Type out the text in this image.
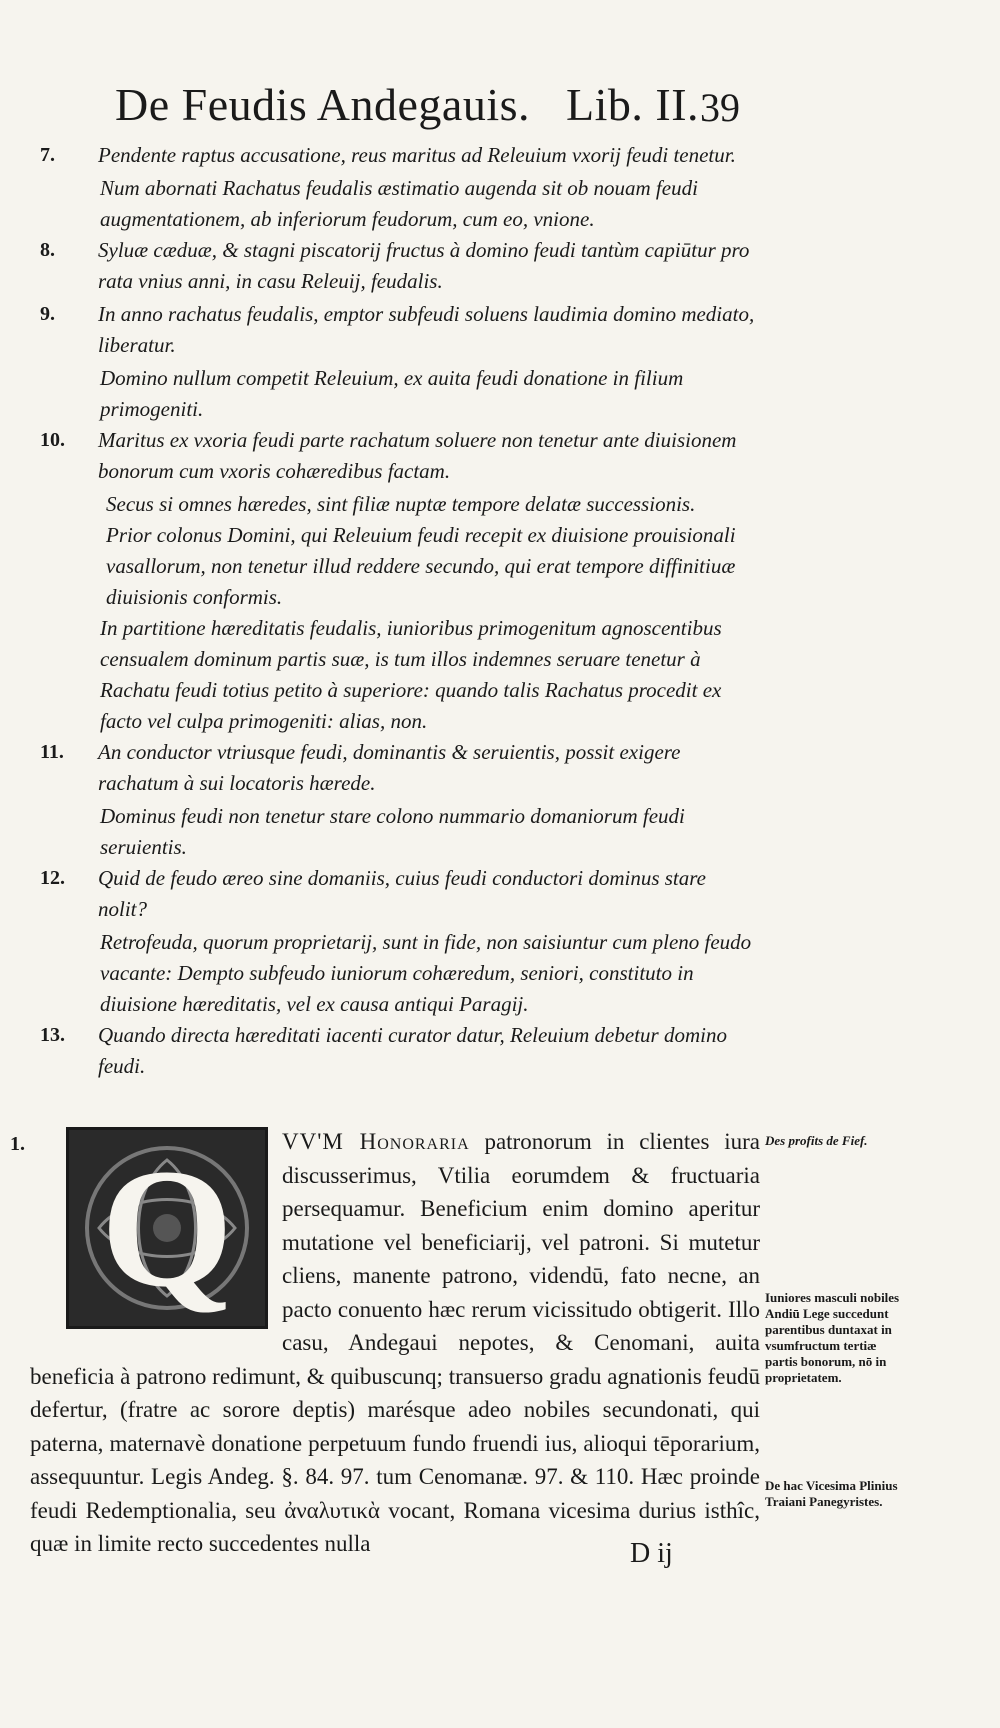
De Feudis Andegauis. Lib. II. 39
7.	Pendente raptus accusatione, reus maritus ad Releuium vxorij feudi tenetur.
Num abornati Rachatus feudalis æstimatio augenda sit ob nouam feudi augmentationem, ab inferiorum feudorum, cum eo, vnione.
8.	Syluæ cæduæ, & stagni piscatorij fructus à domino feudi tantùm capiūtur pro rata vnius anni, in casu Releuij, feudalis.
9.	In anno rachatus feudalis, emptor subfeudi soluens laudimia domino mediato, liberatur.
Domino nullum competit Releuium, ex auita feudi donatione in filium primogeniti.
10.	Maritus ex vxoria feudi parte rachatum soluere non tenetur ante diuisionem bonorum cum vxoris cohæredibus factam.
Secus si omnes hæredes, sint filiæ nuptæ tempore delatæ successionis.
Prior colonus Domini, qui Releuium feudi recepit ex diuisione prouisionali vasallorum, non tenetur illud reddere secundo, qui erat tempore diffinitiuæ diuisionis conformis.
In partitione hæreditatis feudalis, iunioribus primogenitum agnoscentibus censualem dominum partis suæ, is tum illos indemnes seruare tenetur à Rachatu feudi totius petito à superiore: quando talis Rachatus procedit ex facto vel culpa primogeniti: alias, non.
11.	An conductor vtriusque feudi, dominantis & seruientis, possit exigere rachatum à sui locatoris hærede.
Dominus feudi non tenetur stare colono nummario domaniorum feudi seruientis.
12.	Quid de feudo æreo sine domaniis, cuius feudi conductori dominus stare nolit?
Retrofeuda, quorum proprietarij, sunt in fide, non saisiuntur cum pleno feudo vacante: Dempto subfeudo iuniorum cohæredum, seniori, constituto in diuisione hæreditatis, vel ex causa antiqui Paragij.
13.	Quando directa hæreditati iacenti curator datur, Releuium debetur domino feudi.
1. Q	VV'M Honoraria patronorum in clientes iura discusserimus, Vtilia eorumdem & fructuaria persequamur. Beneficium enim domino aperitur mutatione vel beneficiarij, vel patroni. Si mutetur cliens, manente patrono, videndū, fato necne, an pacto conuento hæc rerum vicissitudo obtigerit. Illo casu, Andegaui nepotes, & Cenomani, auita beneficia à patrono redimunt, & quibuscunq; transuerso gradu agnationis feudū defertur, (fratre ac sorore deptis) marésque adeo nobiles secundonati, qui paterna, maternavè donatione perpetuum fundo fruendi ius, alioqui tēporarium, assequuntur. Legis Andeg. §. 84. 97. tum Cenomanæ. 97. & 110. Hæc proinde feudi Redemptionalia, seu ἀναλυτικὰ vocant, Romana vicesima durius isthîc, quæ in limite recto succedentes nulla
Des profits de Fief.
Iuniores masculi nobiles Andiū Lege succedunt parentibus duntaxat in vsumfructum tertiæ partis bonorum, nō in proprietatem.
De hac Vicesima Plinius Traiani Panegyristes.
D ij
